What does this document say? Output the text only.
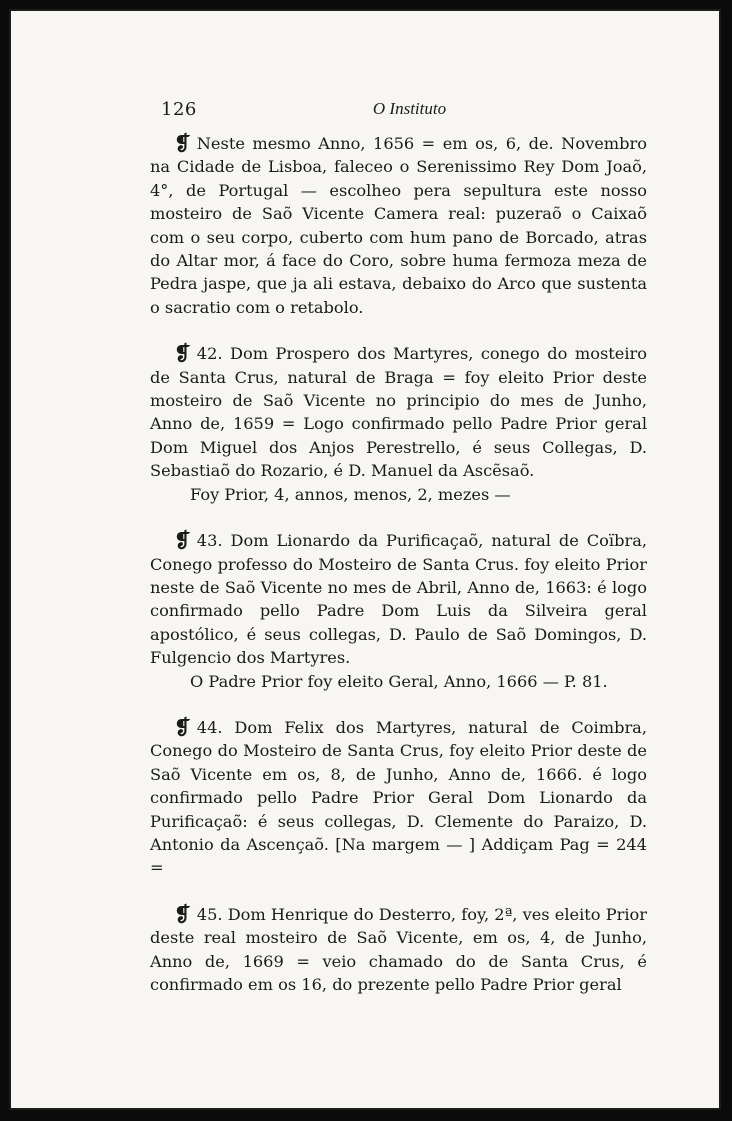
126	O Instituto

❡ Neste mesmo Anno, 1656 = em os, 6, de. Novembro na Cidade de Lisboa, faleceo o Serenissimo Rey Dom Joaõ, 4°, de Portugal — escolheo pera sepultura este nosso mosteiro de Saõ Vicente Camera real: puzeraõ o Caixaõ com o seu corpo, cuberto com hum pano de Borcado, atras do Altar mor, á face do Coro, sobre huma fermoza meza de Pedra jaspe, que ja ali estava, debaixo do Arco que sustenta o sacratio com o retabolo.

❡ 42. Dom Prospero dos Martyres, conego do mosteiro de Santa Crus, natural de Braga = foy eleito Prior deste mosteiro de Saõ Vicente no principio do mes de Junho, Anno de, 1659 = Logo confirmado pello Padre Prior geral Dom Miguel dos Anjos Perestrello, é seus Collegas, D. Sebastiaõ do Rozario, é D. Manuel da Ascẽsaõ.

Foy Prior, 4, annos, menos, 2, mezes —

❡ 43. Dom Lionardo da Purificaçaõ, natural de Coïbra, Conego professo do Mosteiro de Santa Crus. foy eleito Prior neste de Saõ Vicente no mes de Abril, Anno de, 1663: é logo confirmado pello Padre Dom Luis da Silveira geral apostólico, é seus collegas, D. Paulo de Saõ Domingos, D. Fulgencio dos Martyres.

O Padre Prior foy eleito Geral, Anno, 1666 — P. 81.

❡ 44. Dom Felix dos Martyres, natural de Coimbra, Conego do Mosteiro de Santa Crus, foy eleito Prior deste de Saõ Vicente em os, 8, de Junho, Anno de, 1666. é logo confirmado pello Padre Prior Geral Dom Lionardo da Purificaçaõ: é seus collegas, D. Clemente do Paraizo, D. Antonio da Ascençaõ. [Na margem — ] Addiçam Pag = 244 =

❡ 45. Dom Henrique do Desterro, foy, 2ª, ves eleito Prior deste real mosteiro de Saõ Vicente, em os, 4, de Junho, Anno de, 1669 = veio chamado do de Santa Crus, é confirmado em os 16, do prezente pello Padre Prior geral
